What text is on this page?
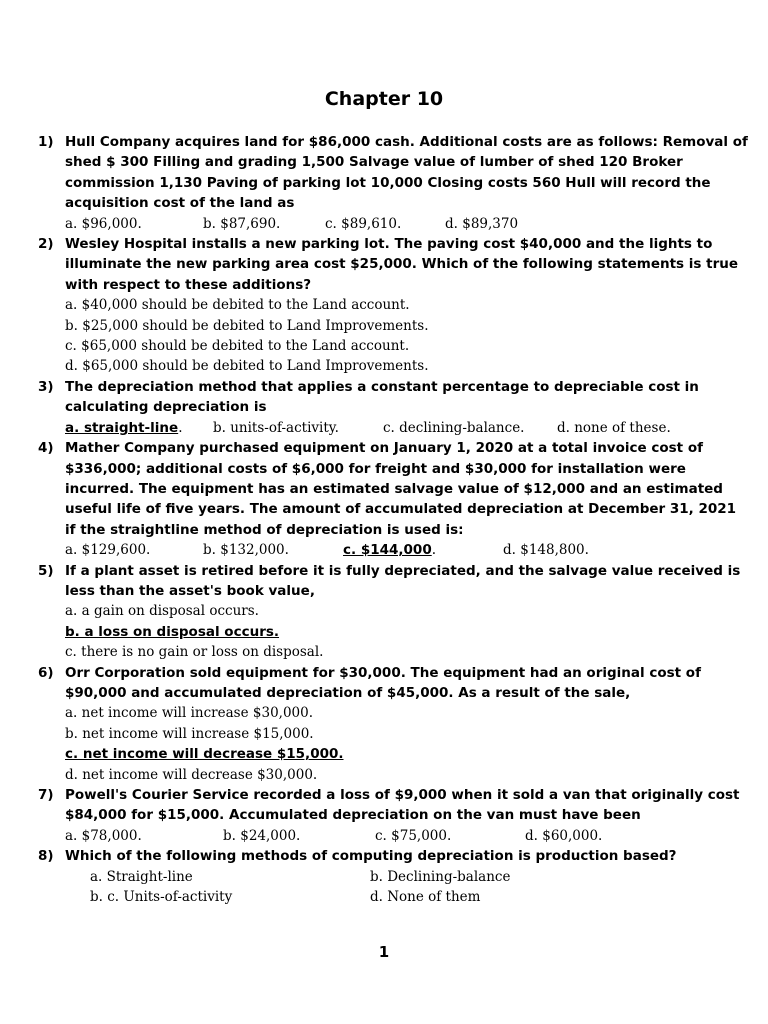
Chapter 10
1) Hull Company acquires land for $86,000 cash. Additional costs are as follows: Removal of shed $ 300 Filling and grading 1,500 Salvage value of lumber of shed 120 Broker commission 1,130 Paving of parking lot 10,000 Closing costs 560 Hull will record the acquisition cost of the land as
a. $96,000.	b. $87,690.	c. $89,610.	d. $89,370
2) Wesley Hospital installs a new parking lot. The paving cost $40,000 and the lights to illuminate the new parking area cost $25,000. Which of the following statements is true with respect to these additions?
a. $40,000 should be debited to the Land account.
b. $25,000 should be debited to Land Improvements.
c. $65,000 should be debited to the Land account.
d. $65,000 should be debited to Land Improvements.
3) The depreciation method that applies a constant percentage to depreciable cost in calculating depreciation is
a. straight-line.	b. units-of-activity.	c. declining-balance.	d. none of these.
4) Mather Company purchased equipment on January 1, 2020 at a total invoice cost of $336,000; additional costs of $6,000 for freight and $30,000 for installation were incurred. The equipment has an estimated salvage value of $12,000 and an estimated useful life of five years. The amount of accumulated depreciation at December 31, 2021 if the straightline method of depreciation is used is:
a. $129,600.	b. $132,000.	c. $144,000.	d. $148,800.
5) If a plant asset is retired before it is fully depreciated, and the salvage value received is less than the asset's book value,
a. a gain on disposal occurs.
b. a loss on disposal occurs.
c. there is no gain or loss on disposal.
6) Orr Corporation sold equipment for $30,000. The equipment had an original cost of $90,000 and accumulated depreciation of $45,000. As a result of the sale,
a. net income will increase $30,000.
b. net income will increase $15,000.
c. net income will decrease $15,000.
d. net income will decrease $30,000.
7) Powell's Courier Service recorded a loss of $9,000 when it sold a van that originally cost $84,000 for $15,000. Accumulated depreciation on the van must have been
a. $78,000.	b. $24,000.	c. $75,000.	d. $60,000.
8) Which of the following methods of computing depreciation is production based?
a. Straight-line	b. Declining-balance
b. c. Units-of-activity	d. None of them
1
